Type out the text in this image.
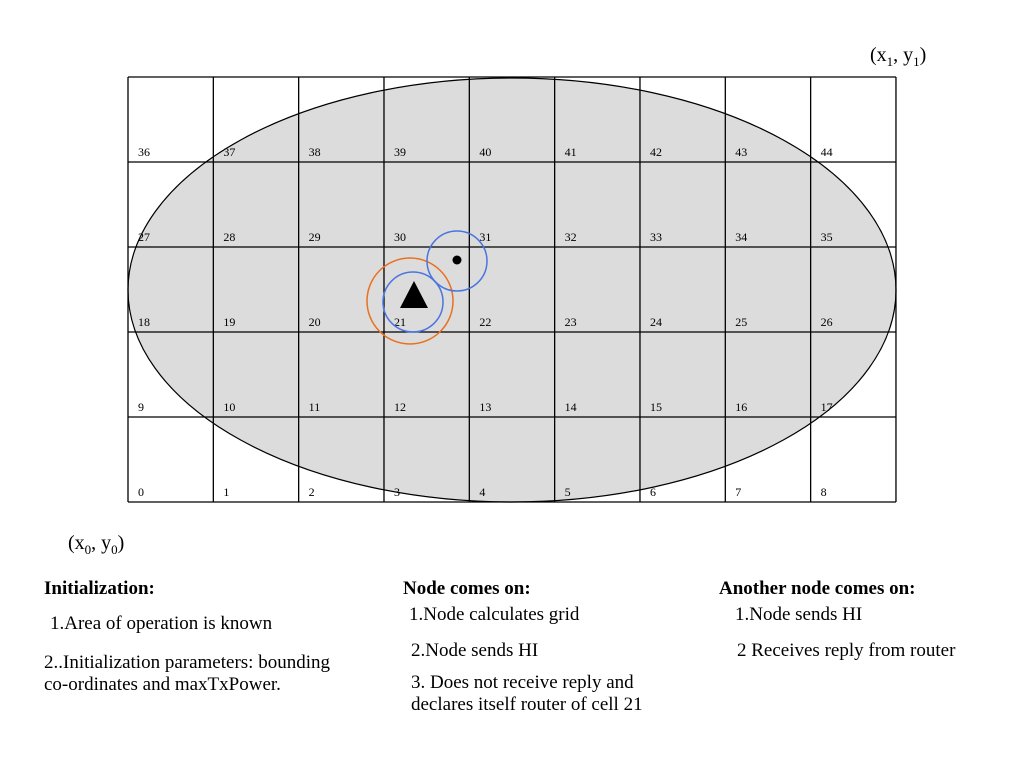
0	1	2	3	4	5	6	7	8
9	10	11	12	13	14	15	16	17
18	19	20	21	22	23	24	25	26
27	28	29	30	31	32	33	34	35
36	37	38	39	40	41	42	43	44
($x_1$, $y_1$)
($x_0$, $y_0$)
Initialization:
1.Area of operation is known
2..Initialization parameters: bounding
co-ordinates and maxTxPower.
Node comes on:
1.Node calculates grid
2.Node sends HI
3. Does not receive reply and
declares itself router of cell 21
Another node comes on:
1.Node sends HI
2 Receives reply from router
